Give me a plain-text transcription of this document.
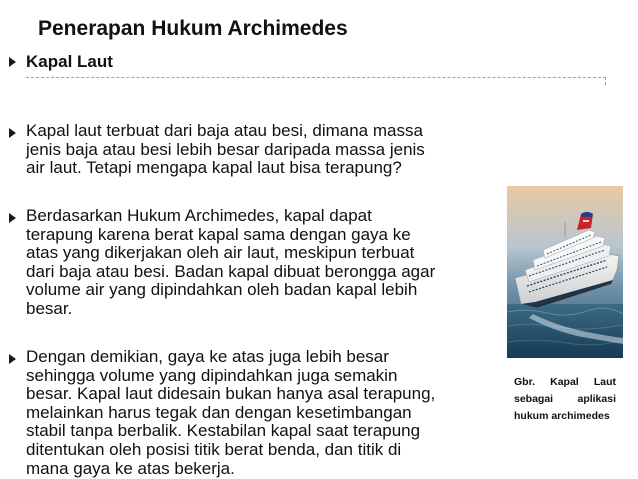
Penerapan Hukum Archimedes
Kapal Laut
Kapal laut terbuat dari baja atau besi, dimana massa
jenis baja atau besi lebih besar daripada massa jenis
air laut. Tetapi mengapa kapal laut bisa terapung?
Berdasarkan Hukum Archimedes, kapal dapat
terapung karena berat kapal sama dengan gaya ke
atas yang dikerjakan oleh air laut, meskipun terbuat
dari baja atau besi. Badan kapal dibuat berongga agar
volume air yang dipindahkan oleh badan kapal lebih
besar.
Dengan demikian, gaya ke atas juga lebih besar
sehingga volume yang dipindahkan juga semakin
besar. Kapal laut didesain bukan hanya asal terapung,
melainkan harus tegak dan dengan kesetimbangan
stabil tanpa berbalik. Kestabilan kapal saat terapung
ditentukan oleh posisi titik berat benda, dan titik di
mana gaya ke atas bekerja.
Gbr. Kapal Laut sebagai aplikasi hukum archimedes
